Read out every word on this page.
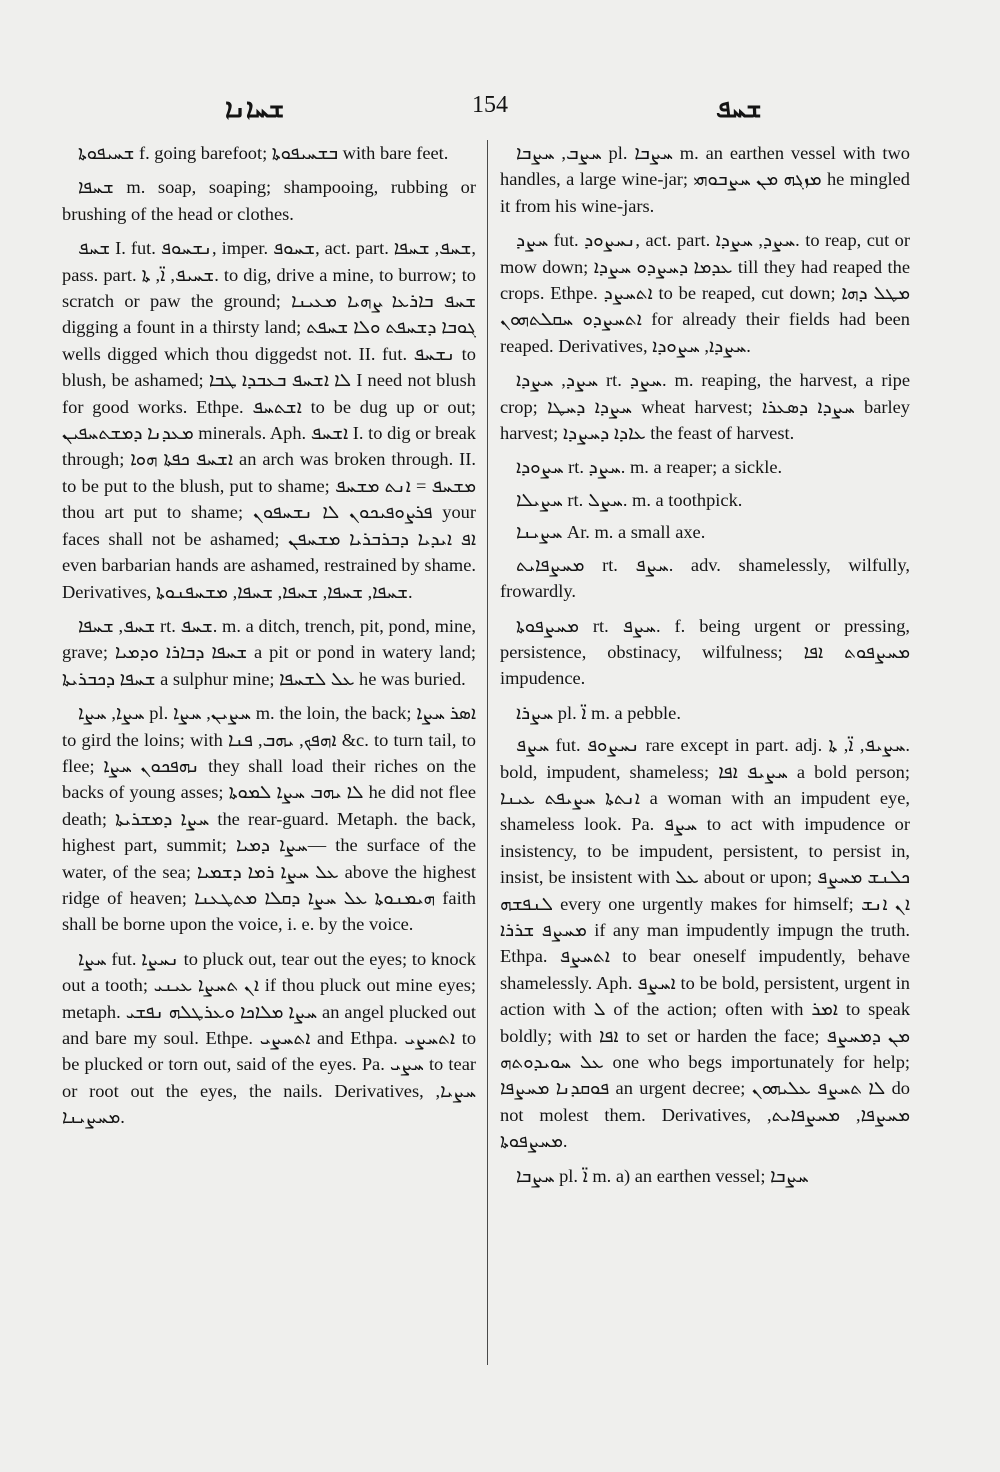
ܫܚܐܢܐ	154	ܫܚܦ

ܫܚܝܦܘܬܐ f. going barefoot; ܒܫܚܝܦܘܬܐ with bare feet.

ܫܚܦܐ m. soap, soaping; shampooing, rubbing or brushing of the head or clothes.

ܫܚܦ I. fut. ܢܫܚܘܦ, imper. ܫܚܘܦ, act. part. ܫܚܦ, ܫܚܦܐ, pass. part. ܫܚܝܦ, ܐ̈, ܬܐ. to dig, drive a mine, to burrow; to scratch or paw the ground; ܫܚܦ ܒܐܪܥܐ ܨܗܝܐ ܡܥܝܢܐ digging a fount in a thirsty land; ܓܘܒܐ ܕܫܚܦܬ ܘܠܐ ܫܚܦܬ wells digged which thou diggedst not. II. fut. ܢܫܚܦ to blush, be ashamed; ܠܐ ܐܫܚܦ ܒܥܒܕܐ ܛܒܐ I need not blush for good works. Ethpe. ܐܫܬܚܦ to be dug up or out; ܡܥܕܢܐ ܕܡܫܬܚܦܝܢ minerals. Aph. ܐܫܚܦ I. to dig or break through; ܐܫܚܦ ܟܦܬܐ ܗܘܐ an arch was broken through. II. to be put to the blush, put to shame; ܡܫܚܦ = ܐܢܬ ܡܫܚܦ thou art put to shame; ܦܪܨܘܦܝܟܘܢ ܠܐ ܢܫܚܦܘܢ your faces shall not be ashamed; ܐܦ ܐܝܕܝܐ ܕܒܪܒܪܝܐ ܡܫܚܦܢ even barbarian hands are ashamed, restrained by shame. Derivatives, ܫܚܦܐ, ܫܚܦܐ, ܫܚܦܐ, ܫܚܦܐ, ܡܫܚܦܢܘܬܐ.

ܫܚܦ, ܫܚܦܐ rt. ܫܚܦ. m. a ditch, trench, pit, pond, mine, grave; ܫܚܦܐ ܕܒܐܪܐ ܘܕܡܝܐ a pit or pond in watery land; ܫܚܦܐ ܕܟܒܪܝܬܐ a sulphur mine; ܥܠ ܠܫܚܦܐ he was buried.

ܚܨܐ, ܚܨܐ pl. ܚܨܝܢ, ܚܨܐ m. the loin, the back; ܐܣܪ ܚܨܐ to gird the loins; with ܐܗܦܟ, ܝܗܒ, ܦܢܐ &c. to turn tail, to flee; ܢܗܦܟܘܢ ܚܨܐ they shall load their riches on the backs of young asses; ܠܐ ܝܗܒ ܚܨܐ ܠܡܘܬܐ he did not flee death; ܚܨܐ ܕܡܫܪܝܬܐ the rear-guard. Metaph. the back, highest part, summit; ܚܨܐ ܕܡܝܐ— the surface of the water, of the sea; ܥܠ ܚܨܐ ܪܡܐ ܕܫܡܝܐ above the highest ridge of heaven; ܗܝܡܢܘܬܐ ܥܠ ܚܨܐ ܕܩܠܐ ܡܬܛܥܢܐ faith shall be borne upon the voice, i. e. by the voice.

ܚܨܐ fut. ܢܚܨܐ to pluck out, tear out the eyes; to knock out a tooth; ܐܢ ܬܚܨܐ ܥܝܢܝ if thou pluck out mine eyes; metaph. ܚܨܐ ܡܠܐܟܐ ܘܥܪܛܠܗ ܢܦܫܝ an angel plucked out and bare my soul. Ethpe. ܐܬܚܨܝ and Ethpa. ܐܬܚܨܝ to be plucked or torn out, said of the eyes. Pa. ܚܨܝ to tear or root out the eyes, the nails. Derivatives, ܚܨܝܐ, ܡܚܨܝܢܐ.

ܚܨܒ, ܚܨܒܐ pl. ܚܨܒܐ m. an earthen vessel with two handles, a large wine-jar; ܡܙܓܗ ܡܢ ܚܨܒܘܗܝ he mingled it from his wine-jars.

ܚܨܕ fut. ܢܚܨܘܕ, act. part. ܚܨܕ, ܚܨܕܐ. to reap, cut or mow down; ܥܕܡܐ ܕܚܨܕܘ ܚܨܕܐ till they had reaped the crops. Ethpe. ܐܬܚܨܕ to be reaped, cut down; ܡܛܠ ܕܗܐ ܐܬܚܨܕܘ ܚܩܠܬܗܘܢ for already their fields had been reaped. Derivatives, ܚܨܕܐ, ܚܨܘܕܐ.

ܚܨܕ, ܚܨܕܐ rt. ܚܨܕ. m. reaping, the harvest, a ripe crop; ܚܨܕܐ ܕܚܛܐ wheat harvest; ܚܨܕܐ ܕܣܥܪܐ barley harvest; ܥܐܕܐ ܕܚܨܕܐ the feast of harvest.

ܚܨܘܕܐ rt. ܚܨܕ. m. a reaper; a sickle.

ܚܨܝܠܐ rt. ܚܨܠ. m. a toothpick.

ܚܨܝܢܐ Ar. m. a small axe.

ܡܚܨܦܐܝܬ rt. ܚܨܦ. adv. shamelessly, wilfully, frowardly.

ܡܚܨܦܘܬܐ rt. ܚܨܦ. f. being urgent or pressing, persistence, obstinacy, wilfulness; ܡܚܨܦܘܬ ܐܦܐ impudence.

ܚܨܪܐ pl. ܐ̈ m. a pebble.

ܚܨܦ fut. ܢܚܨܘܦ rare except in part. adj. ܚܨܝܦ, ܐ̈, ܬܐ. bold, impudent, shameless; ܚܨܝܦ ܐܦܐ a bold person; ܐܢܬܬܐ ܚܨܝܦܬ ܥܝܢܐ a woman with an impudent eye, shameless look. Pa. ܚܨܦ to act with impudence or insistency, to be impudent, persistent, to persist in, insist, be insistent with ܥܠ about or upon; ܟܠܢܫ ܡܚܨܦ ܠܢܦܫܗ every one urgently makes for himself; ܐܢ ܐܢܫ ܡܚܨܦ ܫܪܪܐ if any man impudently impugn the truth. Ethpa. ܐܬܚܨܦ to bear oneself impudently, behave shamelessly. Aph. ܐܚܨܦ to be bold, persistent, urgent in action with ܠ of the action; often with ܐܡܪ to speak boldly; with ܐܦܐ to set or harden the face; ܡܢ ܕܡܚܨܦ ܥܠ ܚܘܝܕܘܬܗ one who begs importunately for help; ܦܘܩܕܢܐ ܡܚܨܦܐ an urgent decree; ܠܐ ܬܚܨܦ ܥܠܝܗܘܢ do not molest them. Derivatives, ܡܚܨܦܐ, ܡܚܨܦܐܝܬ, ܡܚܨܦܘܬܐ.

ܚܨܒܐ pl. ܐ̈ m. a) an earthen vessel; ܚܨܒܐ
